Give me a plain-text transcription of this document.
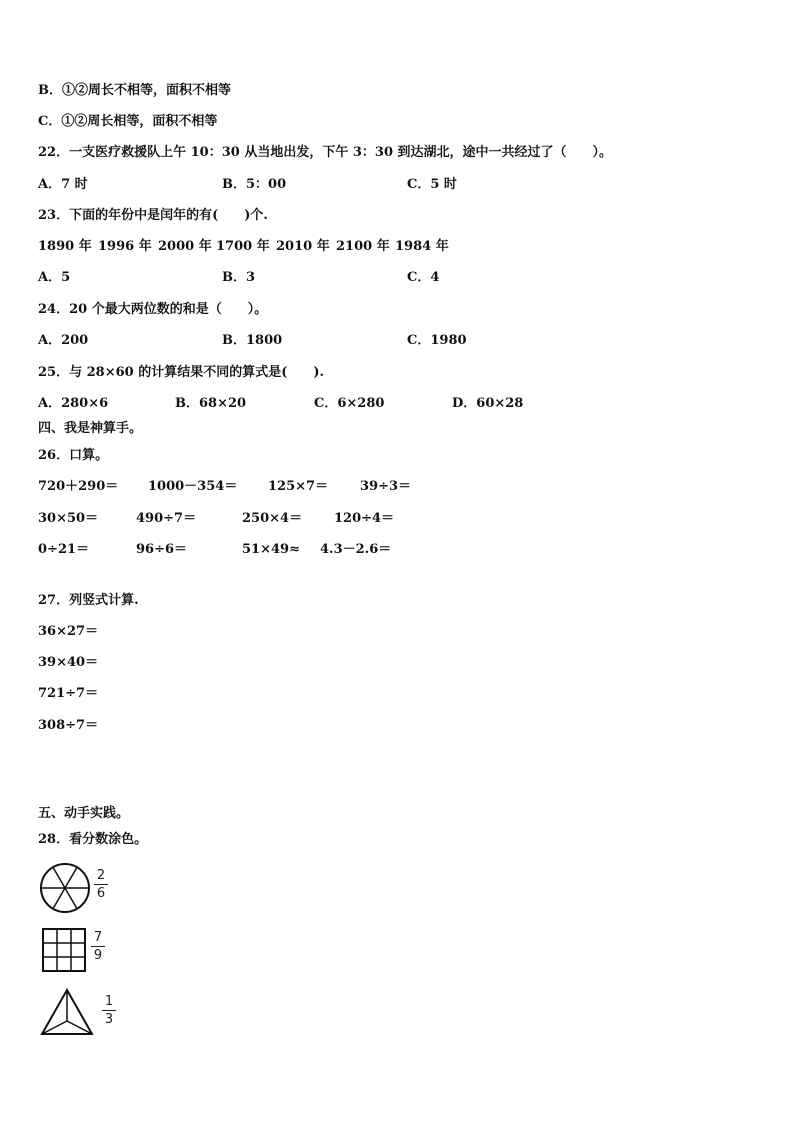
B．①②周长不相等，面积不相等
C．①②周长相等，面积不相等
22．一支医疗救援队上午 10：30 从当地出发，下午 3：30 到达湖北，途中一共经过了（　　）。
A．7 时	B．5：00	C．5 时
23．下面的年份中是闰年的有(　　)个.
1890 年 1996 年 2000 年 1700 年 2010 年 2100 年 1984 年
A．5	B．3	C．4
24．20 个最大两位数的和是（　　）。
A．200	B．1800	C．1980
25．与 28×60 的计算结果不同的算式是(　　).
A．280×6	B．68×20	C．6×280	D．60×28
四、我是神算手。
26．口算。
720＋290＝ 1000－354＝ 125×7＝ 39÷3＝
30×50＝	490÷7＝	250×4＝ 120÷4＝
0÷21＝	96÷6＝	51×49≈ 4.3－2.6＝
27．列竖式计算.
36×27＝
39×40＝
721÷7＝
308÷7＝
五、动手实践。
28．看分数涂色。
2
6
7
9
1
3
